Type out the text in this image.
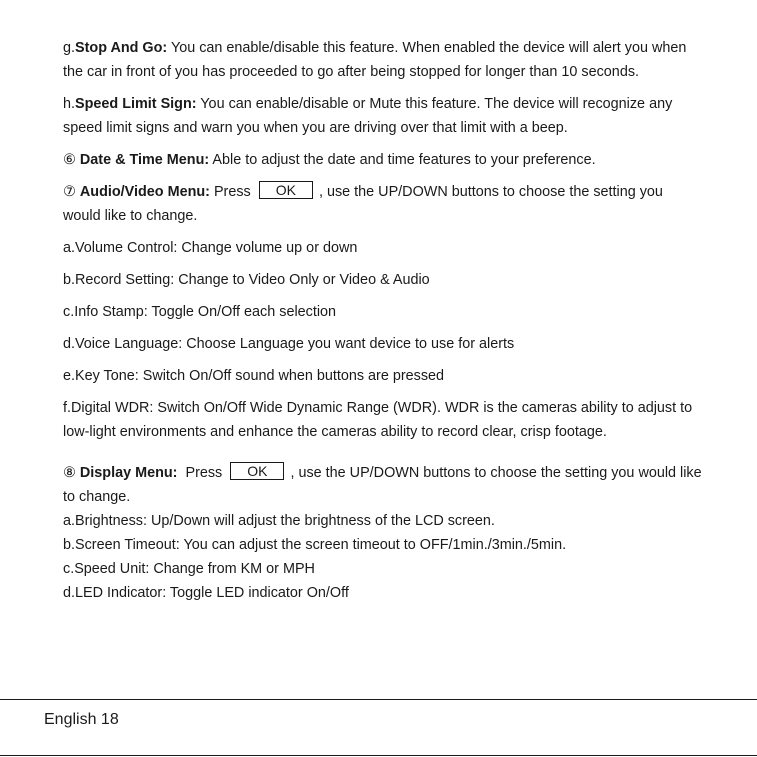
g.Stop And Go: You can enable/disable this feature. When enabled the device will alert you when the car in front of you has proceeded to go after being stopped for longer than 10 seconds.

h.Speed Limit Sign: You can enable/disable or Mute this feature. The device will recognize any speed limit signs and warn you when you are driving over that limit with a beep.

⑥ Date & Time Menu: Able to adjust the date and time features to your preference.

⑦ Audio/Video Menu: Press OK , use the UP/DOWN buttons to choose the setting you would like to change.

a.Volume Control: Change volume up or down

b.Record Setting: Change to Video Only or Video & Audio

c.Info Stamp: Toggle On/Off each selection

d.Voice Language: Choose Language you want device to use for alerts

e.Key Tone: Switch On/Off sound when buttons are pressed

f.Digital WDR: Switch On/Off Wide Dynamic Range (WDR). WDR is the cameras ability to adjust to low-light environments and enhance the cameras ability to record clear, crisp footage.

⑧ Display Menu:  Press OK , use the UP/DOWN buttons to choose the setting you would like to change.

a.Brightness: Up/Down will adjust the brightness of the LCD screen.

b.Screen Timeout: You can adjust the screen timeout to OFF/1min./3min./5min.

c.Speed Unit: Change from KM or MPH

d.LED Indicator: Toggle LED indicator On/Off

English 18
